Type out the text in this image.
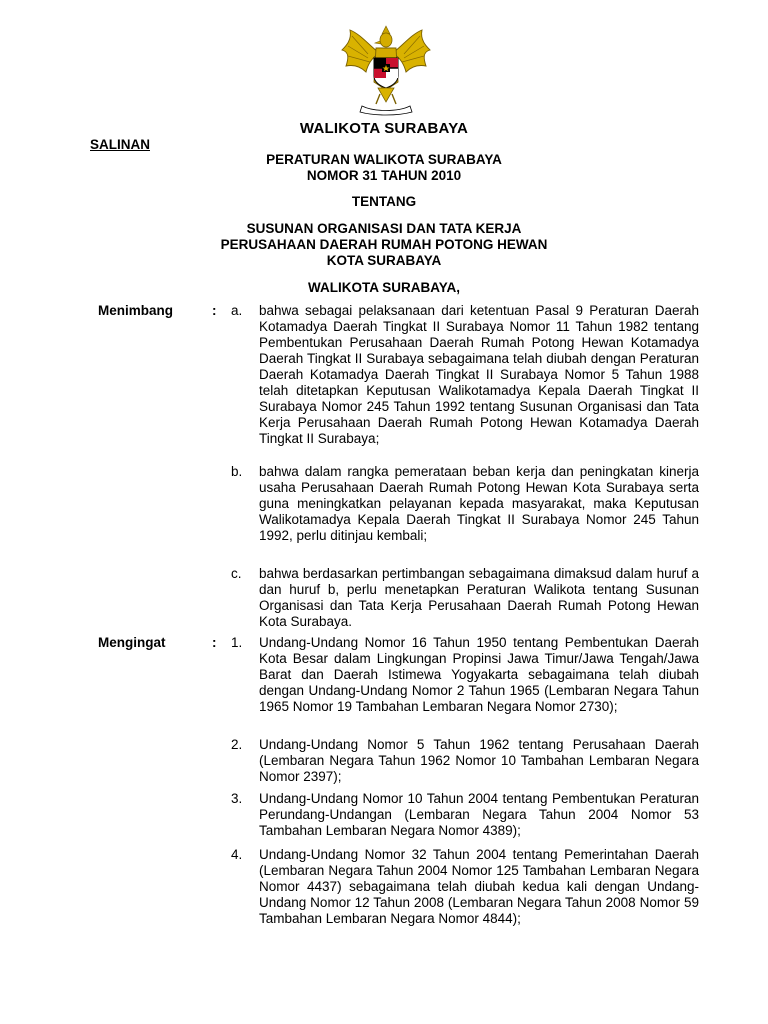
WALIKOTA SURABAYA
SALINAN
PERATURAN WALIKOTA SURABAYA
NOMOR 31 TAHUN 2010
TENTANG
SUSUNAN ORGANISASI DAN TATA KERJA
PERUSAHAAN DAERAH RUMAH POTONG HEWAN
KOTA SURABAYA
WALIKOTA SURABAYA,
Menimbang	: a. bahwa sebagai pelaksanaan dari ketentuan Pasal 9 Peraturan Daerah Kotamadya Daerah Tingkat II Surabaya Nomor 11 Tahun 1982 tentang Pembentukan Perusahaan Daerah Rumah Potong Hewan Kotamadya Daerah Tingkat II Surabaya sebagaimana telah diubah dengan Peraturan Daerah Kotamadya Daerah Tingkat II Surabaya Nomor 5 Tahun 1988 telah ditetapkan Keputusan Walikotamadya Kepala Daerah Tingkat II Surabaya Nomor 245 Tahun 1992 tentang Susunan Organisasi dan Tata Kerja Perusahaan Daerah Rumah Potong Hewan Kotamadya Daerah Tingkat II Surabaya;
b. bahwa dalam rangka pemerataan beban kerja dan peningkatan kinerja usaha Perusahaan Daerah Rumah Potong Hewan Kota Surabaya serta guna meningkatkan pelayanan kepada masyarakat, maka Keputusan Walikotamadya Kepala Daerah Tingkat II Surabaya Nomor 245 Tahun 1992, perlu ditinjau kembali;
c. bahwa berdasarkan pertimbangan sebagaimana dimaksud dalam huruf a dan huruf b, perlu menetapkan Peraturan Walikota tentang Susunan Organisasi dan Tata Kerja Perusahaan Daerah Rumah Potong Hewan Kota Surabaya.
Mengingat	: 1. Undang-Undang Nomor 16 Tahun 1950 tentang Pembentukan Daerah Kota Besar dalam Lingkungan Propinsi Jawa Timur/Jawa Tengah/Jawa Barat dan Daerah Istimewa Yogyakarta sebagaimana telah diubah dengan Undang-Undang Nomor 2 Tahun 1965 (Lembaran Negara Tahun 1965 Nomor 19 Tambahan Lembaran Negara Nomor 2730);
2. Undang-Undang Nomor 5 Tahun 1962 tentang Perusahaan Daerah (Lembaran Negara Tahun 1962 Nomor 10 Tambahan Lembaran Negara Nomor 2397);
3. Undang-Undang Nomor 10 Tahun 2004 tentang Pembentukan Peraturan Perundang-Undangan (Lembaran Negara Tahun 2004 Nomor 53 Tambahan Lembaran Negara Nomor 4389);
4. Undang-Undang Nomor 32 Tahun 2004 tentang Pemerintahan Daerah (Lembaran Negara Tahun 2004 Nomor 125 Tambahan Lembaran Negara Nomor 4437) sebagaimana telah diubah kedua kali dengan Undang-Undang Nomor 12 Tahun 2008 (Lembaran Negara Tahun 2008 Nomor 59 Tambahan Lembaran Negara Nomor 4844);
